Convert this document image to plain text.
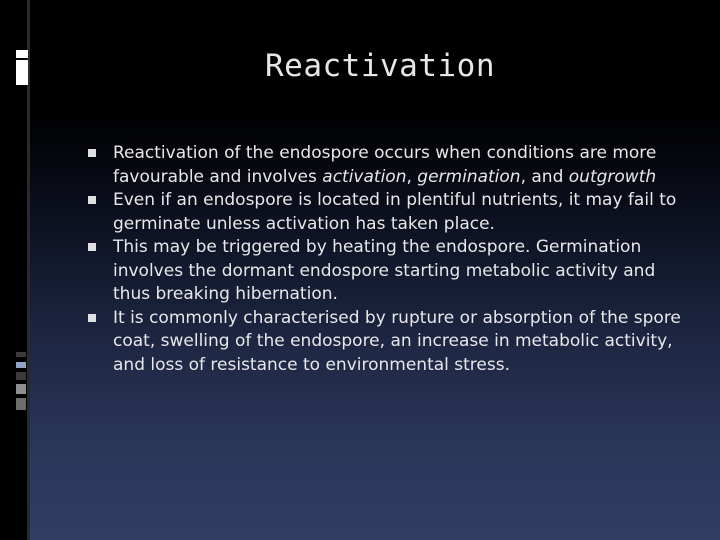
Reactivation
Reactivation of the endospore occurs when conditions are more favourable and involves activation, germination, and outgrowth
Even if an endospore is located in plentiful nutrients, it may fail to germinate unless activation has taken place.
This may be triggered by heating the endospore. Germination involves the dormant endospore starting metabolic activity and thus breaking hibernation.
It is commonly characterised by rupture or absorption of the spore coat, swelling of the endospore, an increase in metabolic activity, and loss of resistance to environmental stress.
